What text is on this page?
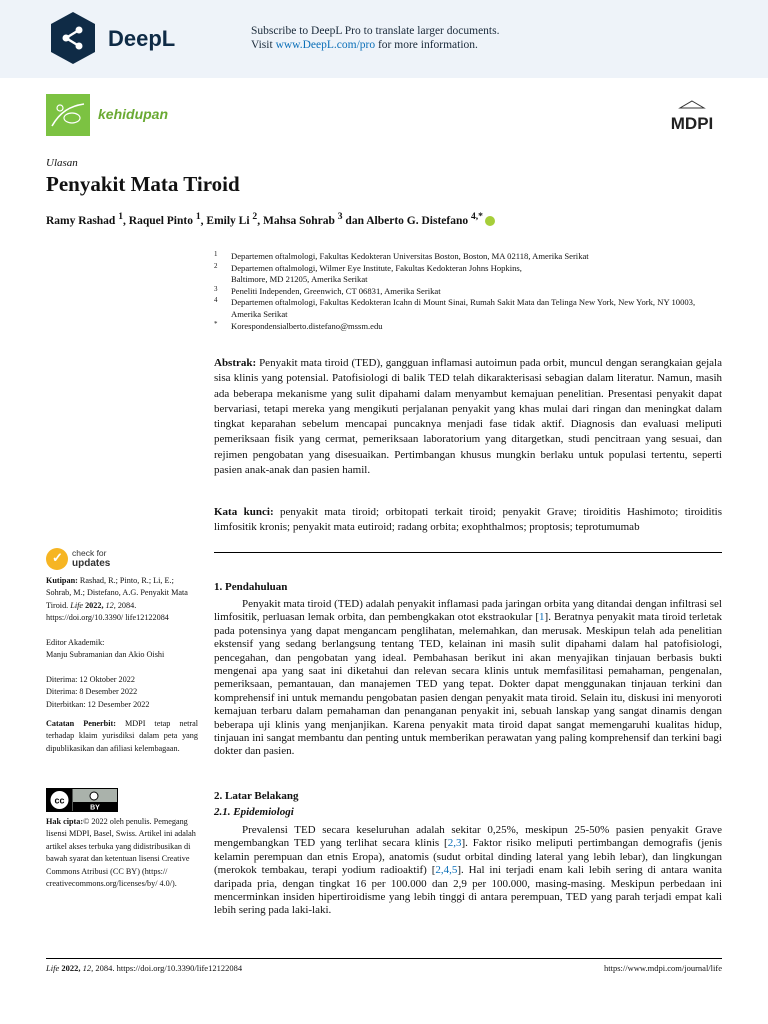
DeepL	Subscribe to DeepL Pro to translate larger documents.
Visit www.DeepL.com/pro for more information.
kehidupan	MDPI
Ulasan
Penyakit Mata Tiroid
Ramy Rashad $^1$, Raquel Pinto $^1$, Emily Li $^2$, Mahsa Sohrab $^3$ dan Alberto G. Distefano $^{4,*}$
1 Departemen oftalmologi, Fakultas Kedokteran Universitas Boston, Boston, MA 02118, Amerika Serikat
2 Departemen oftalmologi, Wilmer Eye Institute, Fakultas Kedokteran Johns Hopkins, Baltimore, MD 21205, Amerika Serikat
3 Peneliti Independen, Greenwich, CT 06831, Amerika Serikat
4 Departemen oftalmologi, Fakultas Kedokteran Icahn di Mount Sinai, Rumah Sakit Mata dan Telinga New York, New York, NY 10003, Amerika Serikat
* Korespondensialberto.distefano@mssm.edu

Abstrak: Penyakit mata tiroid (TED), gangguan inflamasi autoimun pada orbit, muncul dengan serangkaian gejala sisa klinis yang potensial. Patofisiologi di balik TED telah dikarakterisasi sebagian dalam literatur. Namun, masih ada beberapa mekanisme yang sulit dipahami dalam menyambut kemajuan penelitian. Presentasi penyakit dapat bervariasi, tetapi mereka yang mengikuti perjalanan penyakit yang khas mulai dari ringan dan meningkat dalam tingkat keparahan sebelum mencapai puncaknya menjadi fase tidak aktif. Diagnosis dan evaluasi meliputi pemeriksaan fisik yang cermat, pemeriksaan laboratorium yang ditargetkan, studi pencitraan yang sesuai, dan rejimen pengobatan yang disesuaikan. Pertimbangan khusus mungkin berlaku untuk populasi tertentu, seperti pasien anak-anak dan pasien hamil.

Kata kunci: penyakit mata tiroid; orbitopati terkait tiroid; penyakit Grave; tiroiditis Hashimoto; tiroiditis limfositik kronis; penyakit mata eutiroid; radang orbita; exophthalmos; proptosis; teprotumumab

✓ check for
updates
Kutipan: Rashad, R.; Pinto, R.; Li, E.; Sohrab, M.; Distefano, A.G. Penyakit Mata Tiroid. Life 2022, 12, 2084. https://doi.org/10.3390/ life12122084
Editor Akademik:
Manju Subramanian dan Akio Oishi
Diterima: 12 Oktober 2022
Diterima: 8 Desember 2022
Diterbitkan: 12 Desember 2022
Catatan Penerbit: MDPI tetap netral terhadap klaim yurisdiksi dalam peta yang dipublikasikan dan afiliasi kelembagaan.
cc
BY
Hak cipta:© 2022 oleh penulis. Pemegang lisensi MDPI, Basel, Swiss. Artikel ini adalah artikel akses terbuka yang didistribusikan di bawah syarat dan ketentuan lisensi Creative Commons Atribusi (CC BY) (https:// creativecommons.org/licenses/by/ 4.0/).
1. Pendahuluan

Penyakit mata tiroid (TED) adalah penyakit inflamasi pada jaringan orbita yang ditandai dengan infiltrasi sel limfositik, perluasan lemak orbita, dan pembengkakan otot ekstraokular [1]. Beratnya penyakit mata tiroid terletak pada potensinya yang dapat mengancam penglihatan, melemahkan, dan merusak. Meskipun telah ada penelitian ekstensif yang sedang berlangsung tentang TED, kelainan ini masih sulit dipahami dalam hal patofisiologi, pencegahan, dan pengobatan yang ideal. Pembahasan berikut ini akan menyajikan tinjauan berbasis bukti mengenai apa yang saat ini diketahui dan relevan secara klinis untuk memfasilitasi pemahaman, pengenalan, pemeriksaan, pemantauan, dan manajemen TED yang tepat. Dokter dapat menggunakan tinjauan terkini dan komprehensif ini untuk memandu pengobatan pasien dengan penyakit mata tiroid. Selain itu, diskusi ini menyoroti kemajuan terbaru dalam pemahaman dan penanganan penyakit ini, sebuah lanskap yang sangat dinamis dengan beberapa uji klinis yang menjanjikan. Karena penyakit mata tiroid dapat sangat memengaruhi kualitas hidup, tinjauan ini sangat membantu dan penting untuk memberikan perawatan yang paling komprehensif dan terkini bagi dokter dan pasien.

2. Latar Belakang
2.1. Epidemiologi

Prevalensi TED secara keseluruhan adalah sekitar 0,25%, meskipun 25-50% pasien penyakit Grave mengembangkan TED yang terlihat secara klinis [2,3]. Faktor risiko meliputi pertimbangan demografis (jenis kelamin perempuan dan etnis Eropa), anatomis (sudut orbital dinding lateral yang lebih lebar), dan lingkungan (merokok tembakau, terapi yodium radioaktif) [2,4,5]. Hal ini terjadi enam kali lebih sering di antara wanita daripada pria, dengan tingkat 16 per 100.000 dan 2,9 per 100.000, masing-masing. Meskipun perbedaan ini mencerminkan insiden hipertiroidisme yang lebih tinggi di antara perempuan, TED yang parah terjadi empat kali lebih sering pada laki-laki.

Life 2022, 12, 2084. https://doi.org/10.3390/life12122084	https://www.mdpi.com/journal/life
